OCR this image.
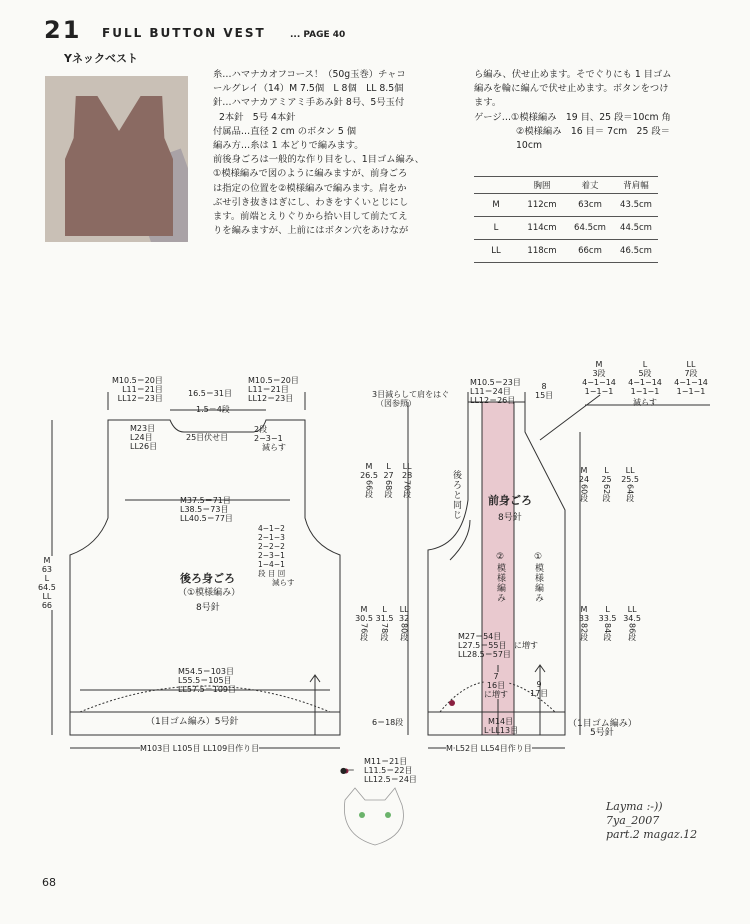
21 FULL BUTTON VEST	... PAGE 40
Yネックベスト

糸…ハマナカオフコース！（50g玉巻）チャコ

ールグレイ（14）M 7.5個　L 8個　LL 8.5個

針…ハマナカアミアミ手あみ針 8号、5号玉付

2本針　5号 4本針

付属品…直径 2 cm のボタン 5 個

編み方…糸は 1 本どりで編みます。

前後身ごろは一般的な作り目をし、1目ゴム編み、

①模様編みで図のように編みますが、前身ごろ

は指定の位置を②模様編みで編みます。肩をか

ぶせ引き抜きはぎにし、わきをすくいとじにし

ます。前端とえりぐりから拾い目して前たてえ

りを編みますが、上前にはボタン穴をあけなが

ら編み、伏せ止めます。そでぐりにも 1 目ゴム

編みを輪に編んで伏せ止めます。ボタンをつけ

ます。

ゲージ…①模様編み　19 目、25 段＝10cm 角

②模様編み　16 目＝ 7cm　25 段＝

10cm

	胸囲	着丈	背肩幅
M	112cm	63cm	43.5cm
L	114cm	64.5cm	44.5cm
LL	118cm	66cm	46.5cm
M10.5＝20目
L11＝21目
LL12＝23目
16.5＝31目
M10.5＝20目
L11＝21目
LL12＝23目
1.5＝4段
25目伏せ目
2段
2−3−1
減らす
M23目
L24目
LL26目
M37.5＝71目
L38.5＝73目
LL40.5＝77目
4−1−2
2−1−3
2−2−2
2−3−1
1−4−1
段 目 回
減らす
後ろ身ごろ
（①模様編み）
8号針
M54.5＝103目
L55.5＝105目
LL57.5＝109目
（1目ゴム編み）5号針
M103目 L105目 LL109目作り目
M
63
L
64.5
LL
66
3目減らして肩をはぐ
（図参照）
M10.5＝23目
L11＝24目
LL12＝26目
8
15目
M
26.5
66段

L
27
68段

LL
28
70段
M
30.5
76段

L
31.5
78段

LL
32
80段
後ろと同じ 前身ごろ
8号針
②模様編み	①模様編み
M27＝54目
L27.5＝55目
LL28.5＝57目
に増す
7
16目
に増す
9
17目
6＝18段	M14目
L·LL13目
（1目ゴム編み）
5号針
M·L52目 LL54目作り目
M
3段
4−1−14
1−1−1
L
5段
4−1−14
1−1−1
LL
7段
4−1−14
1−1−1
減らす
M
24
60段

L
25
62段

LL
25.5
64段
M
33
82段

L
33.5
84段

LL
34.5
86段
●＝
M11＝21目
L11.5＝22目
LL12.5＝24目
Layma :-))
7ya_2007
part.2 magaz.12
68
